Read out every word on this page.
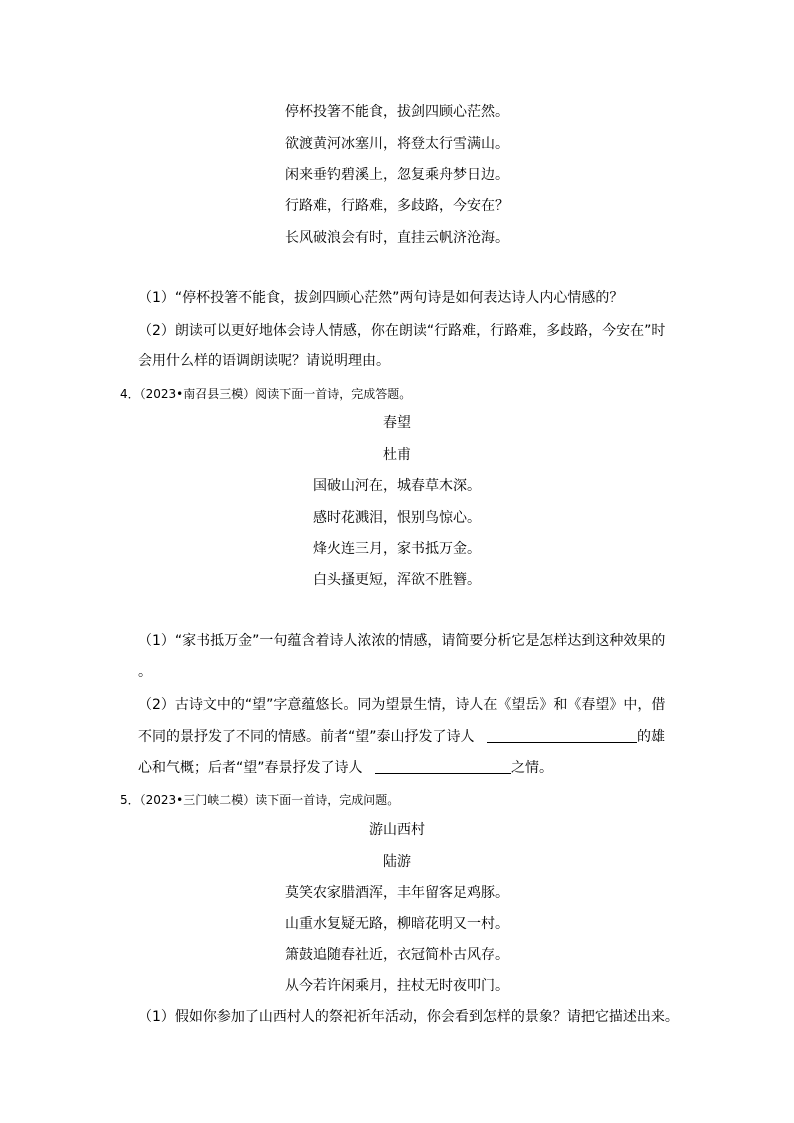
停杯投箸不能食，拔剑四顾心茫然。
欲渡黄河冰塞川，将登太行雪满山。
闲来垂钓碧溪上，忽复乘舟梦日边。
行路难，行路难，多歧路，今安在？
长风破浪会有时，直挂云帆济沧海。
（1）“停杯投箸不能食，拔剑四顾心茫然”两句诗是如何表达诗人内心情感的？
（2）朗读可以更好地体会诗人情感，你在朗读“行路难，行路难，多歧路，今安在”时
会用什么样的语调朗读呢？请说明理由。
4．（2023•南召县三模）阅读下面一首诗，完成答题。
春望
杜甫
国破山河在，城春草木深。
感时花溅泪，恨别鸟惊心。
烽火连三月，家书抵万金。
白头搔更短，浑欲不胜簪。
（1）“家书抵万金”一句蕴含着诗人浓浓的情感，请简要分析它是怎样达到这种效果的
。
（2）古诗文中的“望”字意蕴悠长。同为望景生情，诗人在《望岳》和《春望》中，借
不同的景抒发了不同的情感。前者“望”泰山抒发了诗人	的雄
心和气概；后者“望”春景抒发了诗人	之情。
5．（2023•三门峡二模）读下面一首诗，完成问题。
游山西村
陆游
莫笑农家腊酒浑，丰年留客足鸡豚。
山重水复疑无路，柳暗花明又一村。
箫鼓追随春社近，衣冠简朴古风存。
从今若许闲乘月，拄杖无时夜叩门。
（1）假如你参加了山西村人的祭祀祈年活动，你会看到怎样的景象？请把它描述出来。
